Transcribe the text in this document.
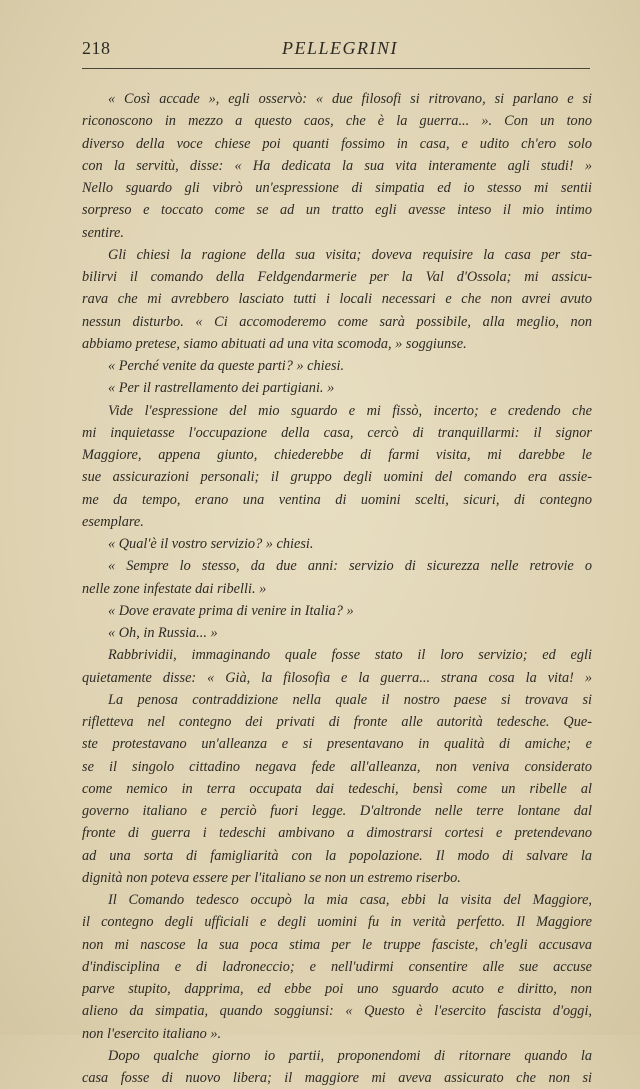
218	PELLEGRINI
« Così accade », egli osservò: « due filosofi si ritrovano, si parlano e si
riconoscono in mezzo a questo caos, che è la guerra... ». Con un tono
diverso della voce chiese poi quanti fossimo in casa, e udito ch'ero solo
con la servitù, disse: « Ha dedicata la sua vita interamente agli studi! »
Nello sguardo gli vibrò un'espressione di simpatia ed io stesso mi sentii
sorpreso e toccato come se ad un tratto egli avesse inteso il mio intimo
sentire.
Gli chiesi la ragione della sua visita; doveva requisire la casa per sta-
bilirvi il comando della Feldgendarmerie per la Val d'Ossola; mi assicu-
rava che mi avrebbero lasciato tutti i locali necessari e che non avrei avuto
nessun disturbo. « Ci accomoderemo come sarà possibile, alla meglio, non
abbiamo pretese, siamo abituati ad una vita scomoda, » soggiunse.
« Perché venite da queste parti? » chiesi.
« Per il rastrellamento dei partigiani. »
Vide l'espressione del mio sguardo e mi fissò, incerto; e credendo che
mi inquietasse l'occupazione della casa, cercò di tranquillarmi: il signor
Maggiore, appena giunto, chiederebbe di farmi visita, mi darebbe le
sue assicurazioni personali; il gruppo degli uomini del comando era assie-
me da tempo, erano una ventina di uomini scelti, sicuri, di contegno
esemplare.
« Qual'è il vostro servizio? » chiesi.
« Sempre lo stesso, da due anni: servizio di sicurezza nelle retrovie o
nelle zone infestate dai ribelli. »
« Dove eravate prima di venire in Italia? »
« Oh, in Russia... »
Rabbrividii, immaginando quale fosse stato il loro servizio; ed egli
quietamente disse: « Già, la filosofia e la guerra... strana cosa la vita! »
La penosa contraddizione nella quale il nostro paese si trovava si
rifletteva nel contegno dei privati di fronte alle autorità tedesche. Que-
ste protestavano un'alleanza e si presentavano in qualità di amiche; e
se il singolo cittadino negava fede all'alleanza, non veniva considerato
come nemico in terra occupata dai tedeschi, bensì come un ribelle al
governo italiano e perciò fuori legge. D'altronde nelle terre lontane dal
fronte di guerra i tedeschi ambivano a dimostrarsi cortesi e pretendevano
ad una sorta di famigliarità con la popolazione. Il modo di salvare la
dignità non poteva essere per l'italiano se non un estremo riserbo.
Il Comando tedesco occupò la mia casa, ebbi la visita del Maggiore,
il contegno degli ufficiali e degli uomini fu in verità perfetto. Il Maggiore
non mi nascose la sua poca stima per le truppe fasciste, ch'egli accusava
d'indisciplina e di ladroneccio; e nell'udirmi consentire alle sue accuse
parve stupito, dapprima, ed ebbe poi uno sguardo acuto e diritto, non
alieno da simpatia, quando soggiunsi: « Questo è l'esercito fascista d'oggi,
non l'esercito italiano ».
Dopo qualche giorno io partii, proponendomi di ritornare quando la
casa fosse di nuovo libera; il maggiore mi aveva assicurato che non si
